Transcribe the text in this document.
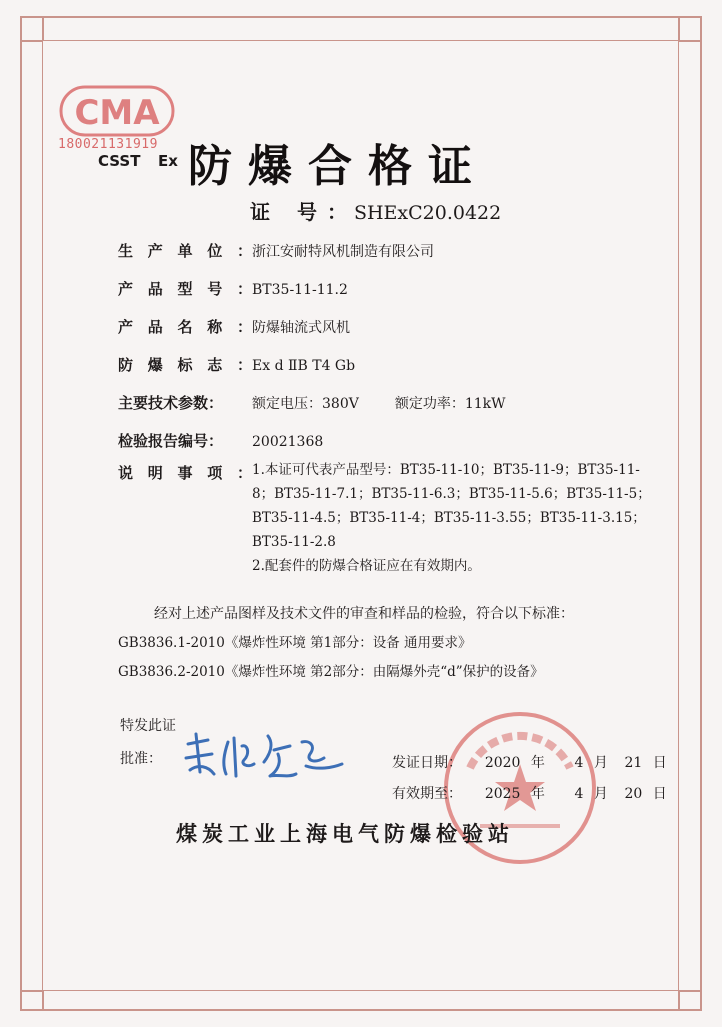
CMA
180021131919
CSST Ex 防爆合格证
证 号： SHExC20.0422
生产单位：浙江安耐特风机制造有限公司
产品型号：BT35-11-11.2
产品名称：防爆轴流式风机
防爆标志：Ex d ⅡB T4 Gb
主要技术参数： 额定电压：380V	额定功率：11kW
检验报告编号： 20021368
说明事项： 1.本证可代表产品型号：BT35-11-10；BT35-11-9；BT35-11-
8；BT35-11-7.1；BT35-11-6.3；BT35-11-5.6；BT35-11-5；
BT35-11-4.5；BT35-11-4；BT35-11-3.55；BT35-11-3.15；
BT35-11-2.8
2.配套件的防爆合格证应在有效期内。
经对上述产品图样及技术文件的审查和样品的检验，符合以下标准：
GB3836.1-2010《爆炸性环境 第1部分：设备 通用要求》
GB3836.2-2010《爆炸性环境 第2部分：由隔爆外壳“d”保护的设备》
特发此证
批准：	发证日期： 2020 年 4 月 21 日
有效期至： 2025 年 4 月 20 日
煤炭工业上海电气防爆检验站
